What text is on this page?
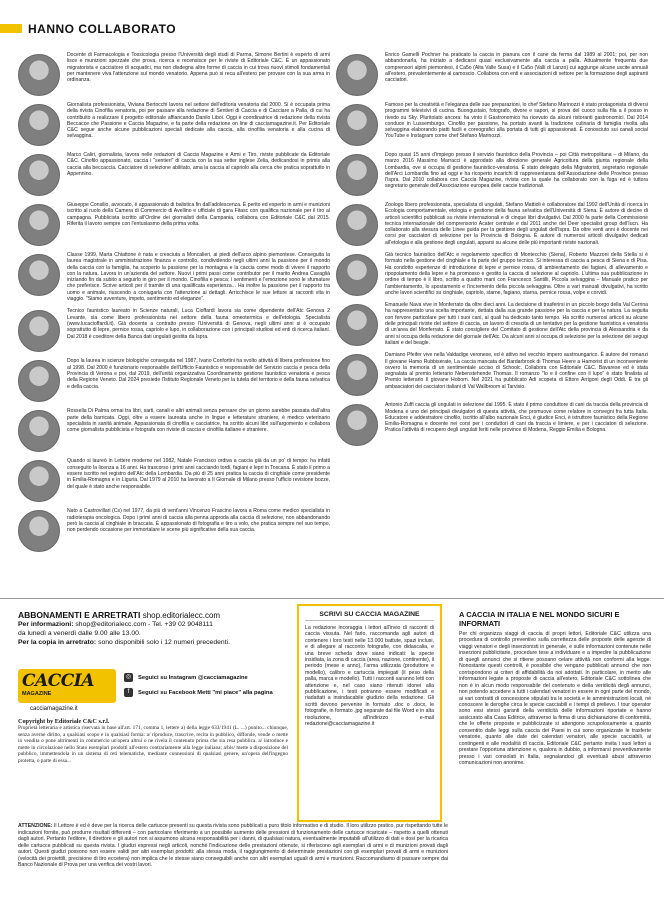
HANNO COLLABORATO
Docente di Farmacologia e Tossicologia presso l'Università degli studi di Parma, Simone Bertini è esperto di armi lisce e munizioni spezzate che prova, ricerca e recensisce per le riviste di Editoriale C&C. È un appassionato migratorista e cacciatore di acquatici, ma non disdegna altre forme di caccia in cui trova nuovi stimoli fondamentali per mantenere viva l'attenzione sul mondo venatorio. Appena può si reca all'estero per provare con la sua arma in ordinanza.
Giornalista professionista, Viviana Bertocchi lavora nel settore dell'editoria venatoria dal 2000. Si è occupata prima della rivista Cinofilia venatoria, poi per passare alla redazione di Sentieri di Caccia e di Cacciare a Palla, di cui ha contribuito a realizzare il progetto editoriale affiancando Danilo Liboi. Oggi è coordinatrice di redazione della rivista Beccacce che Passione e Caccia Magazine, e fa parte della redazione on line di cacciamagazine.it. Per Editoriale C&C segue anche alcune pubblicazioni speciali dedicate alla caccia, alla cinofilia venatoria e alla cucina di selvaggina.
Marco Caliri, giornalista, lavora nelle redazioni di Caccia Magazine e Armi e Tiro, riviste pubblicate da Editoriale C&C. Cinofilo appassionato, caccia i "sentieri" di caccia con la sua setter inglese Zelia, dedicandosi in primis alla caccia alla beccaccia. Cacciatore di selezione abilitato, ama la caccia al capriolo alla cerca che pratica soprattutto in Appennino.
Giuseppe Consilio, avvocato, è appassionato di balistica fin dall'adolescenza. È perito ed esperto in armi e munizioni iscritto al ruolo della Camera di Commercio di Avellino e ufficiale di gara Fitasc con qualifica nazionale per il tiro al campagna. Pubblicista iscritto all'Ordine dei giornalisti della Campania, collabora con Editoriale C&C dal 2015. Riferita il lavoro sempre con l'entusiasmo della prima volta.
Classe 1999, Marta Chiattone è nata e cresciuta a Moncalieri, ai piedi dell'arco alpino piemontese. Conseguita la laurea magistrale in amministrazione finanza e controllo, condividendo negli ultimi anni la passione per il mondo della caccia con la famiglia, ha scoperto la passione per la montagna e la caccia come modo di vivere il rapporto con la natura. Lavora in un'azienda del settore. Nuovi i primi passi come contributor per il marito Andrea Cavaglià iniziando fin da subito a seguirlo in giro per il mondo. Cinofilia e pesca: i sentimenti e l'emozione sono le sfumature che preferisce. Scrive articoli per il tramite di una qualificata esperienza... Ha inoltre la passione per il rapporto tra uomo e animale, riuscendo a coniugarla con l'attenzione ai dettagli. Arricchisce le sue letture ai racconti vita in viaggio. "Siamo avventure, impeto, sentimento ed eleganze".
Tecnico faunistico laureato in Scienze naturali, Luca Cioffardi lavora sia come dipendente dell'Atc Genova 2 Levante, sia come libero professionista nel settore della fauna omeotermica e dell'etologia. Specialista (www.lucacioffardi.it). Già docente a contratto presso l'Università di Genova, negli ultimi anni si è occupato soprattutto di lepre, pernice rossa, capriolo e lupo, in collaborazione con i principali studiosi ed enti di ricerca italiani. Dal 2018 è coeditore della Banca dati ungulati gestita da Ispra.
Dopo la laurea in scienze biologiche conseguita nel 1987, Ivano Confortini ha svolto attività di libera professione fino al 1998. Dal 2000 è funzionario responsabile dell'Ufficio Faunistico e responsabile del Servizio caccia e pesca della Provincia di Verona e poi, dal 2019, dell'unità organizzativa Coordinamento gestione faunistico venatoria e pesca della Regione Veneto. Dal 2024 presiede l'Istituto Regionale Veneto per la tutela del territorio e della fauna selvatica e della caccia.
Rossella Di Palma ormai tra libri, sarti, canali e altri animali senza pensare che un giorno sarebbe passata dall'altra parte della barricata. Oggi, oltre a essere laureata anche in lingue e letterature straniere, è medico veterinario specialista in sanità animale. Appassionata di cinofilia e cacciatrice, ha scritto alcuni libri sull'argomento e collabora come giornalista pubblicista e fotografa con riviste di caccia e cinofilia italiane e straniere.
Quando si laureò in Lettere moderne nel 1982, Natale Francisco ordiva a caccia già da un po' di tempo: ha infatti conseguito la licenza a 16 anni. Ha trascorso i primi anni cacciando tordi, fagiani e lepri in Toscana. È stato il primo a essere iscritto nel registro dell'Atc della Lombardia. Da più di 25 anni pratica la caccia di cinghiale come presidente in Emilia-Romagna e in Liguria. Dal 1979 al 2010 ha lavorato a Il Giornale di Milano presso l'ufficio revisione bozze, del quale è stato anche responsabile.
Nato a Castrovillari (Cs) nel 1977, da più di vent'anni Vincenzo Frascino lavora a Roma come medico specialista in radioterapia oncologica. Dopo i primi anni di caccia alla penna approda alla caccia di selezione, non abbandonando però la caccia al cinghiale in braccata. È appassionato di fotografia e tiro a volo, che pratica sempre nel suo tempo, non perdendo occasione per immortalare le scene più significative della sua caccia.
Enrico Gamelli Pochner ha praticato la caccia in pianura con il cane da ferma dal 1989 al 2001; poi, per non abbandonarla, ha iniziato a dedicarsi quasi esclusivamente alla caccia a palla. Attualmente frequenta due comprensori alpini piemontesi, il Ca5o (Alta Valle Susa) e il Ca5o (Valli di Lanzo) cui aggiunge alcune uscite annuali all'estero, prevalentemente al camoscio. Collabora con enti e associazioni di settore per la formazione degli aspiranti cacciatori.
Famoso per la creatività e l'eleganza delle sue preparazioni, lo chef Stefano Marinozzi è stato protagonista di diversi programmi televisivi di cucina. Buongustaio, fotografo, divore e sapori, si prova del cuoco sulla fila a il posso in rivedo su Sky. Pluritolato ancora: ha vinto il Gastronomico ha ricevuto da alcuni ristoranti gastronomici. Dal 2014 conduce in Lussemburgo. Cinofilo per passione, ha portato avanti la tradizione culinaria di famiglia rivolta alla selvaggina elaborando piatti facili e coreografici alla portata di tutti gli appassionati. È conosciuto sui canali social YouTube e Instagram come chef Stefano Marinozzi.
Dopo quasi 15 anni d'impiego presso il servizio faunistico della Provincia – poi Città metropolitana – di Milano, da marzo 2016 Massimo Marracci è approdato alla direzione generale Agricoltura della giunta regionale della Lombardia, ove si occupa di gestione faunistico-venatoria. È stato delegato della Migratoristi, segretario regionale dell'Arci Lombardia fino ad oggi e ha ricoperto incarichi di rappresentanza dell'Associazione delle Province presso l'Ispra. Dal 2010 collabora con Caccia Magazine, rivista con la quale ha collaborato con la fuga ed è tuttora segretario generale dell'Associazione europea delle caccie tradizionali.
Zoologo libero professionista, specialista di ungulati, Stefano Mattioli è collaboratore dal 1992 dell'Unità di ricerca in Ecologia comportamentale, etologia e gestione della fauna selvatica dell'Università di Siena. È autore di decine di articoli scientifici pubblicati su riviste internazionali e di cinque libri divulgativi. Dal 2000 fa parte della Commissione tecnica internazionale del comprensorio Acater centrale e dal 2011 anche del Deer specialist group dell'Iucn. Ha collaborato alla stesura delle Linee guida per la gestione degli ungulati dell'Ispra. Da oltre venti anni è docente nei corsi per cacciatori di selezione per la Provincia di Bologna. È autore di numerosi articoli divulgativi dedicati all'etologia e alla gestione degli ungulati, apparsi su alcune delle più importanti riviste nazionali.
Già tecnico faunistico dell'Atc e regolamento specifico di Montecchio (Siena), Roberto Mazzoni della Stella si è formato nella gestione del cinghiale e fa parte del gruppo tecnico. Si interessa di caccia a pesca di Siena e di Pisa. Ha condotto esperienze di introduzione di lepre e pernice rossa, di ambientamento dei fagiani, di allevamento e ripopolamento della lepre e ha promosso e gestito la caccia di selezione al capriolo. L'ultima sua pubblicazione in ordine di tempo è il libro, scritto a quattro mani con Francesco Santilli, Piccola selvaggina – Manuale pratico per l'ambientamento, lo spostamento e l'incremento della piccola selvaggina. Oltre a vari manuali divulgativi, ha scritto anche lavori scientifici su cinghiale, capriolo, starne, fagiano, starna, pernice rossa, volpe e corvidi.
Emanuele Nava vive in Monferrato da oltre dieci anni. La decisione di trasferirsi in un piccolo borgo della Val Cerrina ha rappresentato una scelta importante, dettata dalla sua grande passione per la caccia e per la natura. La seguita con fervore particolare per tutti i suoi cani, ai quali ha dedicato tanto tempo. Ha scritto numerosi articoli su alcune delle principali riviste del settore di caccia, un lavoro di crescita di un tentativo per la gestione faunistica e venatoria di un'area del Monferrato. È stato consigliere del Comitato di gestione dell'Atc della provincia di Alessandria e da anni si occupa della redazione del giornale dell'Atc. Da alcuni anni si occupa di selezione per la selezione dei segugi italiani e del beagle.
Damiano Pfeifer vive nella Valdadige veronese, ed è attivo nel vecchio impero austroungarico. È autore dei romanzi Il giovane Hamo Rubbiserate, La caccia mancata del Bardarbrook di Thomas Heere a Hamorist di un inconveniente ovvero la memoria di un sentimentale ucciso di Schoolc. Collabora con Editoriale C&C. Bavarese ed è stata segnalata al premio letterario Nebenstehende Thomas. Il romanzo "Io e il confine con il lupo" è stato finalista al Premio letterario Il giovane Hoborn. Nel 2021 ha pubblicato Adi scopeta di Ettore Arrigoni degli Oddi. È tra gli ambasciatori dei cacciatori italiani di Val Wallbroom al Tarvisio.
Antonio Zuffi caccia gli ungulati in selezione dal 1995. È stato il primo conduttore di cani da traccia della provincia di Modena e uno dei principali divulgatori di questa attività, che promuove come relatore in convegni fra tutta Italia. Educatore e addestratore cinofilo, iscritto all'albo nazionale Enci, è giudice Enci, è istruttore faunistico della Regione Emilia-Romagna e docente nei corsi per i conduttori di cani da traccia e limiere, e per i cacciatori di selezione. Pratica l'attività di recupero degli ungulati feriti nelle province di Modena, Reggio Emilia e Bologna.
ABBONAMENTI E ARRETRATI shop.editorialecc.com
Per informazioni: shop@editorialecc.com - Tel. +39 02 9048111
da lunedì a venerdì dalle 9.00 alle 13.00.
Per la copia in arretrato: sono disponibili solo i 12 numeri precedenti.
CACCIA
MAGAZINE
cacciamagazine.it
◎	Seguici su Instagram @cacciamagazine
f	Seguici su Facebook Metti "mi piace" alla pagina
Copyright by Editoriale C&C s.r.l.
Proprietà letteraria e artistica riservata in base all'art. 171, comma 1, lettere a) della legge 633/1941 (L. ...) punito... chiunque, senza averne diritto, a qualsiasi scopo e in qualsiasi forma: a/ riproduce, trascrive, recita in pubblico, diffonde, vende o mette in vendita o pone altrimenti in commercio un'opera altrui o ne rivela il contenuto prima che sia resa pubblica. a/ introduce e mette in circolazione nello Stato esemplari prodotti all'estero contrariamente alla legge italiana; a/bis/ mette a disposizione del pubblico, immettendola in un sistema di reti telematiche, mediante connessioni di qualsiasi genere, un'opera dell'ingegno protetta, o parte di essa...
SCRIVI SU CACCIA MAGAZINE
La redazione incoraggia i lettori all'invio di racconti di caccia vissuta. Nel farlo, raccomanda agli autori di contenere i loro testi nelle 13.000 battute, spazi inclusi, e di allegare al racconto fotografie, con didascalia, e una breve scheda dove siano indicati: la specie insidiata, la zona di caccia (area, nazione, continente), il periodo (mese e anno), l'arma utilizzata (produttore e modello), calibro e cartuccia impiegati (il peso della palla, marca e modello). Tutti i racconti saranno letti con attenzione e, nel caso siano ritenuti idonei alla pubblicazione, i testi potranno essere modificati e riadattati a insindacabile giudizio della redazione. Gli scritti devono pervenire in formato .doc o .docx, le fotografie, in formato .jpg separate dal file Word e in alta risoluzione, all'indirizzo e-mail redazione@cacciamagazine.it
A CACCIA IN ITALIA E NEL MONDO SICURI E INFORMATI
Per chi organizza viaggi di caccia di propri lettori, Editoriale C&C utilizza una procedura di controllo preventivo sulla correttezza delle proposte delle agenzie di viaggi venatori e degli inserzionisti in generale, e sulle informazioni contenute nelle inserzioni pubblicitarie, procedure tese a individuare e a impedire la pubblicazione di quegli annunci che si ritiene possano celare attività non conformi alla legge. Nonostante questi controlli, è possibile che vengano pubblicati annunci che non corrispondono ai criteri di affidabilità da noi adottati. In particolare, in merito alle informazioni legate a proposte di caccia all'estero, Editoriale C&C sottolinea che non è in alcun modo responsabile del contenuto e della veridicità degli annunci, non potendo accedere a tutti i calendari venatori in essere in ogni parte del mondo, ai vari contratti di concessione stipulati tra le società e le amministrazioni locali, né conoscere le deroghe circa le specie cacciabili e i tempi di prelievo. I tour operator sono essi stessi garanti della veridicità delle informazioni riportate e hanno assicurato alla Casa Editrice, attraverso la firma di una dichiarazione di conformità, che le offerte proposte e pubblicizzate si attengono scrupolosamente a quanto consentito dalle leggi sulla caccia dei Paesi in cui sono organizzate le trasferte venatorie, quanto alle date dei calendari venatori, alle specie cacciabili, ai contingenti e alle modalità di caccia. Editoriale C&C pertanto invita i suoi lettori a prestare l'opportuna attenzione e, qualora in dubbio, a informarsi preventivamente presso i vari consolati in Italia, segnalandoci gli eventuali abusi attraverso comunicazioni non anonime.
ATTENZIONE: Il Lettore è ed è deve per la ricerca delle cartucce presenti su questa rivista sono pubblicati a puro titolo informativo e di studio. Il loro utilizzo pratico, pur rispettando tutte le indicazioni fornite, può produrre risultati differenti – con particolare riferimento a un possibile aumento delle pressioni di funzionamento delle cartucce ricaricate – rispetto a quelli ottenuti dagli autori. Pertanto l'editore, il direttore e gli autori non si assumono alcuna responsabilità per i danni, di qualsiasi natura, eventualmente imputabili all'utilizzo di dati e dosi per la ricarica delle cartucce pubblicati su questa rivista. I giudizi espressi negli articoli, nonché l'indicazione delle prestazioni ottenute, si riferiscono agli esemplari di armi e di munizioni provati dagli autori. Questi giudizi possono non essere validi per altri esemplari prodotti: alla stessa moda, il raggiungimento di determinate prestazioni con gli esemplari provati di armi e munizioni (velocità dei proiettili, precisione di tiro eccetera) non implica che le stesse siano conseguibili anche con altri esemplari uguali di armi e munizioni. Raccomandiamo di passare sempre dai Banco Nazionale di Prova per una verifica dei vostri lavori.
